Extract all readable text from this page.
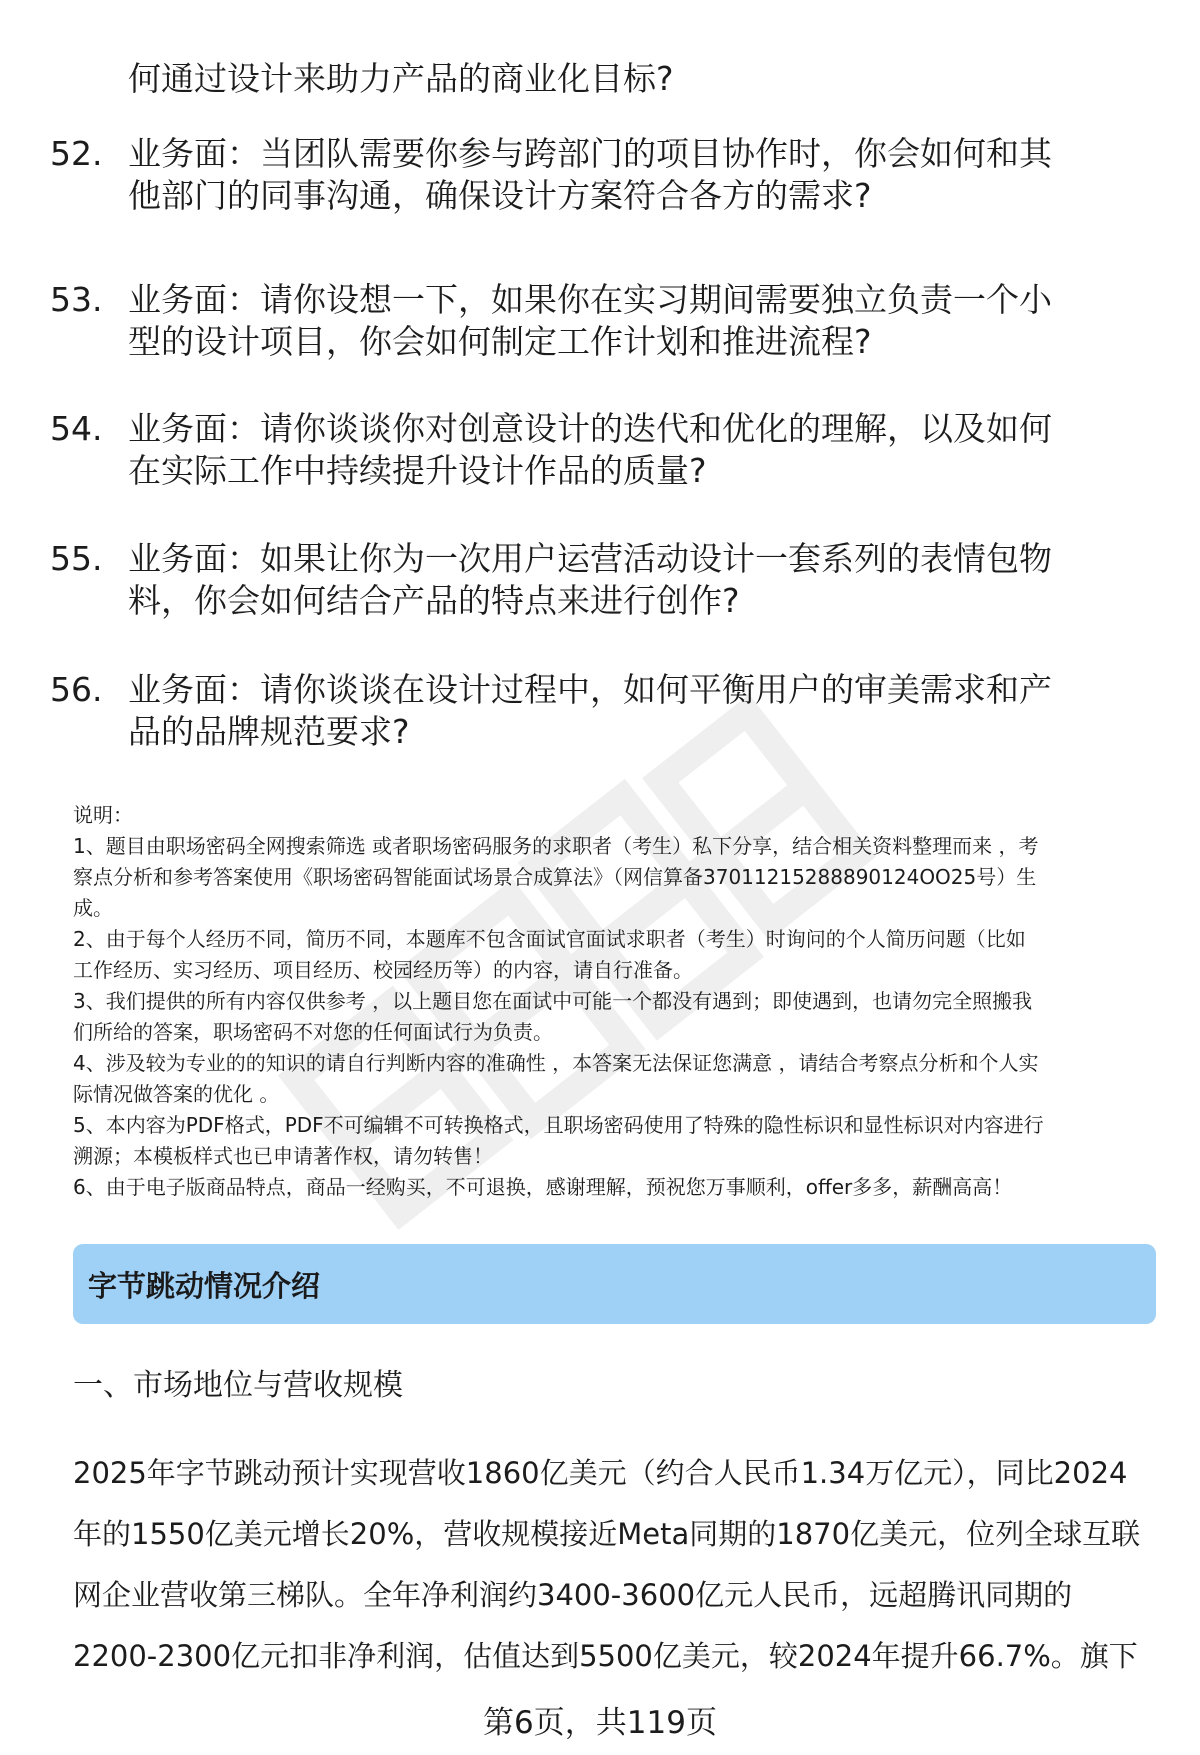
何通过设计来助力产品的商业化目标?
52. 业务面：当团队需要你参与跨部门的项目协作时，你会如何和其
他部门的同事沟通，确保设计方案符合各方的需求?
53. 业务面：请你设想一下，如果你在实习期间需要独立负责一个小
型的设计项目，你会如何制定工作计划和推进流程?
54. 业务面：请你谈谈你对创意设计的迭代和优化的理解，以及如何
在实际工作中持续提升设计作品的质量?
55. 业务面：如果让你为一次用户运营活动设计一套系列的表情包物
料，你会如何结合产品的特点来进行创作?
56. 业务面：请你谈谈在设计过程中，如何平衡用户的审美需求和产
品的品牌规范要求?

说明：

1、题目由职场密码全网搜索筛选 或者职场密码服务的求职者（考生）私下分享，结合相关资料整理而来 ，考

察点分析和参考答案使用《职场密码智能面试场景合成算法》（网信算备37011215288890124OO25号）生

成。

2、由于每个人经历不同，简历不同，本题库不包含面试官面试求职者（考生）时询问的个人简历问题（比如

工作经历、实习经历、项目经历、校园经历等）的内容，请自行准备。

3、我们提供的所有内容仅供参考 ，以上题目您在面试中可能一个都没有遇到；即使遇到，也请勿完全照搬我

们所给的答案，职场密码不对您的任何面试行为负责。

4、涉及较为专业的的知识的请自行判断内容的准确性 ，本答案无法保证您满意 ，请结合考察点分析和个人实

际情况做答案的优化 。

5、本内容为PDF格式，PDF不可编辑不可转换格式，且职场密码使用了特殊的隐性标识和显性标识对内容进行

溯源；本模板样式也已申请著作权，请勿转售！

6、由于电子版商品特点，商品一经购买，不可退换，感谢理解，预祝您万事顺利，offer多多，薪酬高高！

字节跳动情况介绍
一、市场地位与营收规模

2025年字节跳动预计实现营收1860亿美元（约合人民币1.34万亿元），同比2024

年的1550亿美元增长20%，营收规模接近Meta同期的1870亿美元，位列全球互联

网企业营收第三梯队。全年净利润约3400-3600亿元人民币，远超腾讯同期的

2200-2300亿元扣非净利润，估值达到5500亿美元，较2024年提升66.7%。旗下

第6页，共119页
